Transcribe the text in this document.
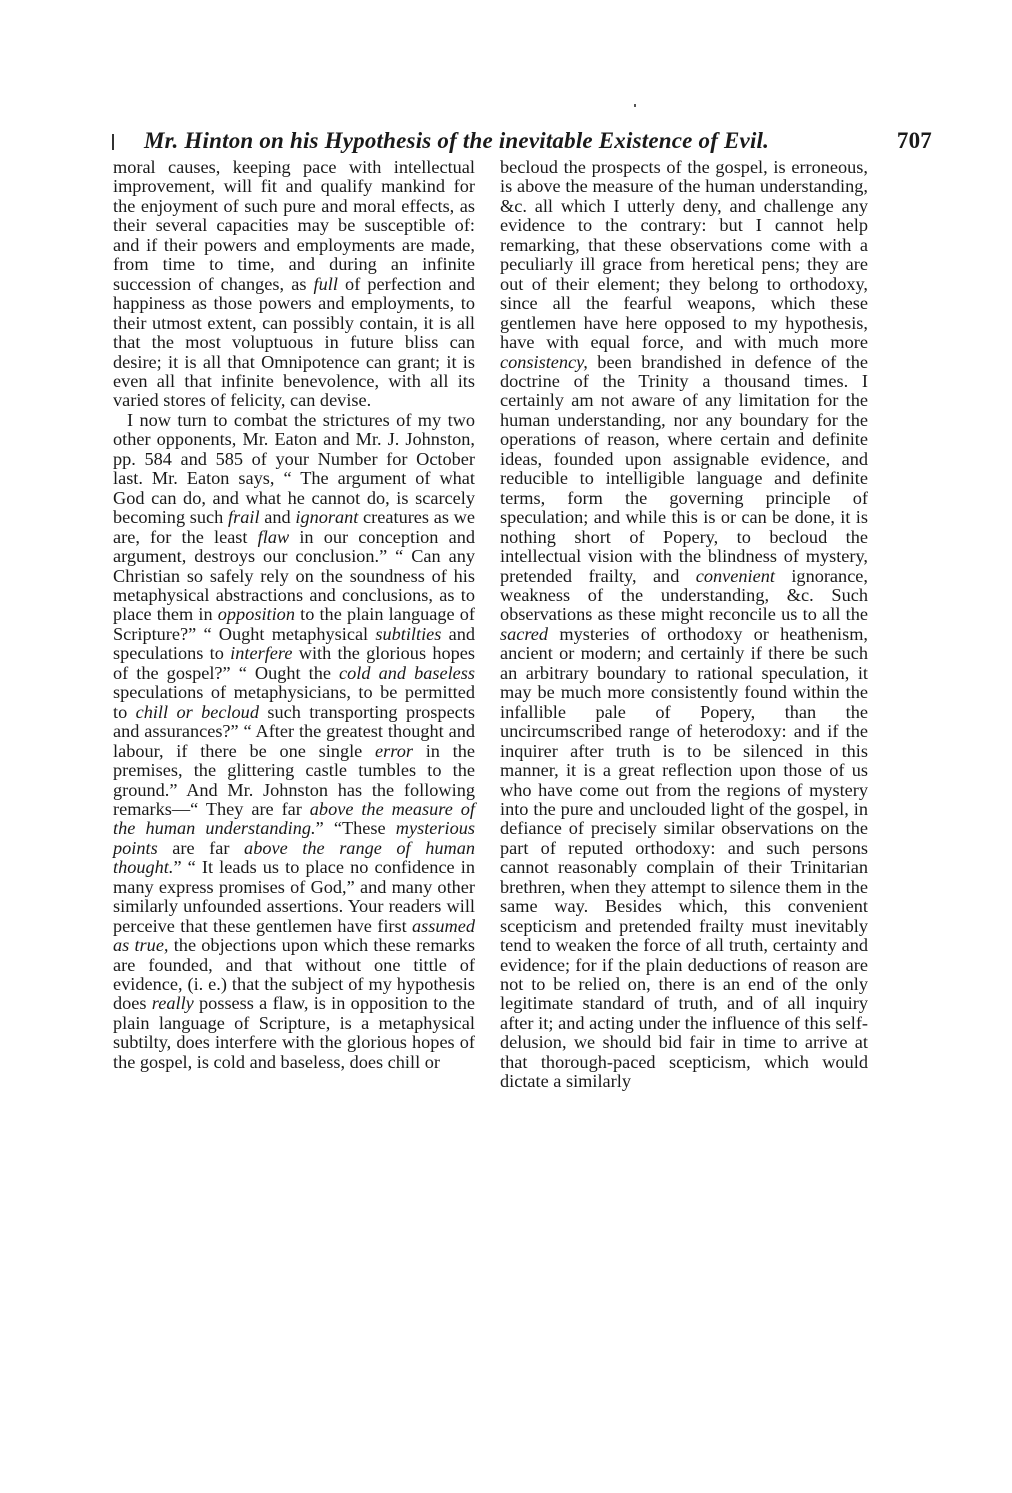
Mr. Hinton on his Hypothesis of the inevitable Existence of Evil.	707

moral causes, keeping pace with intellectual improvement, will fit and qualify mankind for the enjoyment of such pure and moral effects, as their several capacities may be susceptible of: and if their powers and employments are made, from time to time, and during an infinite succession of changes, as full of perfection and happiness as those powers and employments, to their utmost extent, can possibly contain, it is all that the most voluptuous in future bliss can desire; it is all that Omnipotence can grant; it is even all that infinite benevolence, with all its varied stores of felicity, can devise.

I now turn to combat the strictures of my two other opponents, Mr. Eaton and Mr. J. Johnston, pp. 584 and 585 of your Number for October last. Mr. Eaton says, “ The argument of what God can do, and what he cannot do, is scarcely becoming such frail and ignorant creatures as we are, for the least flaw in our conception and argument, destroys our conclusion.” “ Can any Christian so safely rely on the soundness of his metaphysical abstractions and conclusions, as to place them in opposition to the plain language of Scripture?” “ Ought metaphysical subtilties and speculations to interfere with the glorious hopes of the gospel?” “ Ought the cold and baseless speculations of metaphysicians, to be permitted to chill or becloud such transporting prospects and assurances?” “ After the greatest thought and labour, if there be one single error in the premises, the glittering castle tumbles to the ground.” And Mr. Johnston has the following remarks—“ They are far above the measure of the human understanding.” “These mysterious points are far above the range of human thought.” “ It leads us to place no confidence in many express promises of God,” and many other similarly unfounded assertions. Your readers will perceive that these gentlemen have first assumed as true, the objections upon which these remarks are founded, and that without one tittle of evidence, (i. e.) that the subject of my hypothesis does really possess a flaw, is in opposition to the plain language of Scripture, is a metaphysical subtilty, does interfere with the glorious hopes of the gospel, is cold and baseless, does chill or

becloud the prospects of the gospel, is erroneous, is above the measure of the human understanding, &c. all which I utterly deny, and challenge any evidence to the contrary: but I cannot help remarking, that these observations come with a peculiarly ill grace from heretical pens; they are out of their element; they belong to orthodoxy, since all the fearful weapons, which these gentlemen have here opposed to my hypothesis, have with equal force, and with much more consistency, been brandished in defence of the doctrine of the Trinity a thousand times. I certainly am not aware of any limitation for the human understanding, nor any boundary for the operations of reason, where certain and definite ideas, founded upon assignable evidence, and reducible to intelligible language and definite terms, form the governing principle of speculation; and while this is or can be done, it is nothing short of Popery, to becloud the intellectual vision with the blindness of mystery, pretended frailty, and convenient ignorance, weakness of the understanding, &c. Such observations as these might reconcile us to all the sacred mysteries of orthodoxy or heathenism, ancient or modern; and certainly if there be such an arbitrary boundary to rational speculation, it may be much more consistently found within the infallible pale of Popery, than the uncircumscribed range of heterodoxy: and if the inquirer after truth is to be silenced in this manner, it is a great reflection upon those of us who have come out from the regions of mystery into the pure and unclouded light of the gospel, in defiance of precisely similar observations on the part of reputed orthodoxy: and such persons cannot reasonably complain of their Trinitarian brethren, when they attempt to silence them in the same way. Besides which, this convenient scepticism and pretended frailty must inevitably tend to weaken the force of all truth, certainty and evidence; for if the plain deductions of reason are not to be relied on, there is an end of the only legitimate standard of truth, and of all inquiry after it; and acting under the influence of this self-delusion, we should bid fair in time to arrive at that thorough-paced scepticism, which would dictate a similarly
